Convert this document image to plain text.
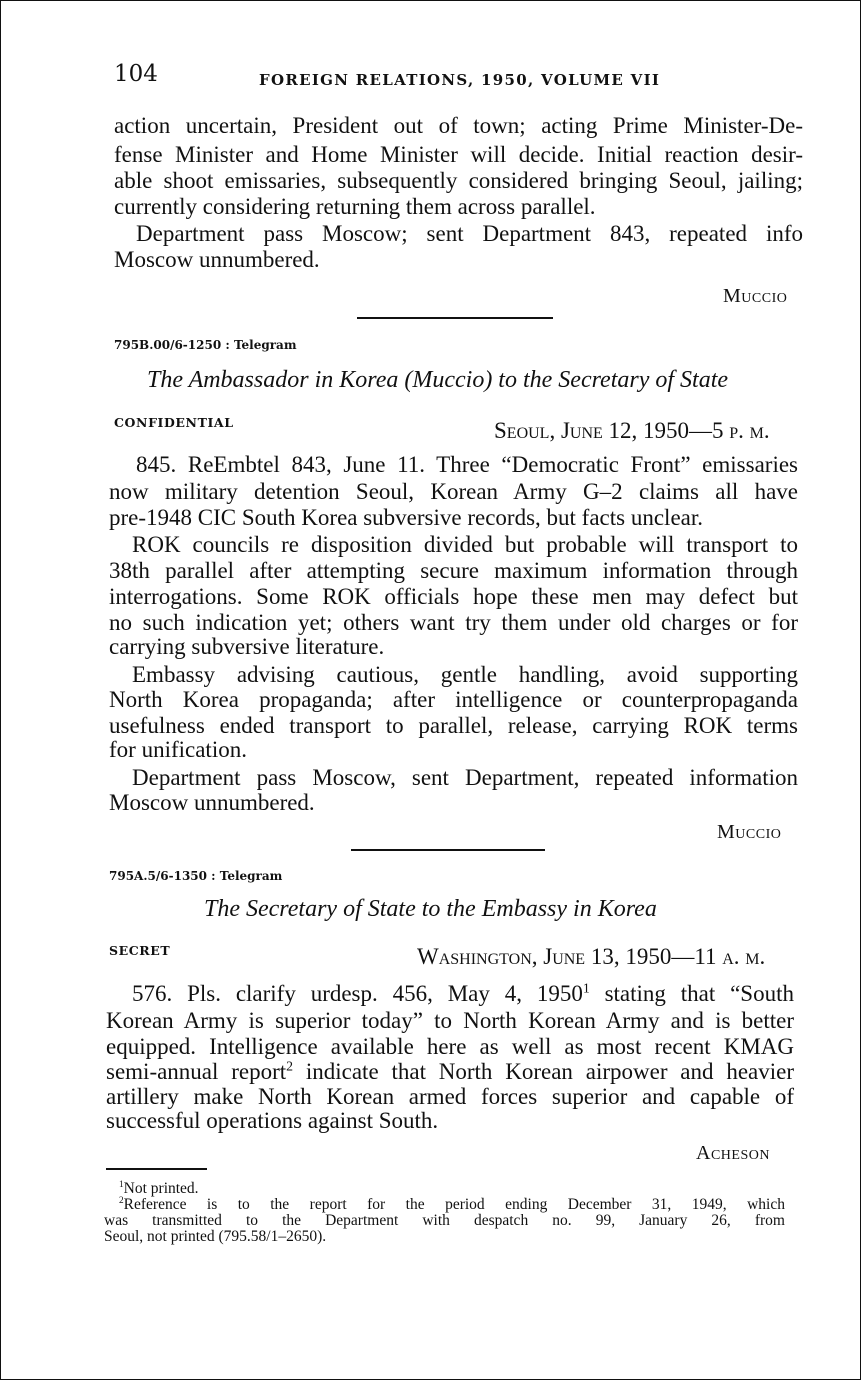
104	FOREIGN RELATIONS, 1950, VOLUME VII
action uncertain, President out of town; acting Prime Minister-De-
fense Minister and Home Minister will decide. Initial reaction desir-
able shoot emissaries, subsequently considered bringing Seoul, jailing;
currently considering returning them across parallel.
Department pass Moscow; sent Department 843, repeated info
Moscow unnumbered.
Muccio
795B.00/6-1250 : Telegram
The Ambassador in Korea (Muccio) to the Secretary of State
CONFIDENTIAL	Seoul, June 12, 1950—5 p. m.
845. ReEmbtel 843, June 11. Three “Democratic Front” emissaries
now military detention Seoul, Korean Army G–2 claims all have
pre-1948 CIC South Korea subversive records, but facts unclear.
ROK councils re disposition divided but probable will transport to
38th parallel after attempting secure maximum information through
interrogations. Some ROK officials hope these men may defect but
no such indication yet; others want try them under old charges or for
carrying subversive literature.
Embassy advising cautious, gentle handling, avoid supporting
North Korea propaganda; after intelligence or counterpropaganda
usefulness ended transport to parallel, release, carrying ROK terms
for unification.
Department pass Moscow, sent Department, repeated information
Moscow unnumbered.
Muccio
795A.5/6-1350 : Telegram
The Secretary of State to the Embassy in Korea
SECRET	Washington, June 13, 1950—11 a. m.
576. Pls. clarify urdesp. 456, May 4, 1950$^1$ stating that “South
Korean Army is superior today” to North Korean Army and is better
equipped. Intelligence available here as well as most recent KMAG
semi-annual report$^2$ indicate that North Korean airpower and heavier
artillery make North Korean armed forces superior and capable of
successful operations against South.
Acheson
$^1$Not printed.
$^2$Reference is to the report for the period ending December 31, 1949, which
was transmitted to the Department with despatch no. 99, January 26, from
Seoul, not printed (795.58/1–2650).
